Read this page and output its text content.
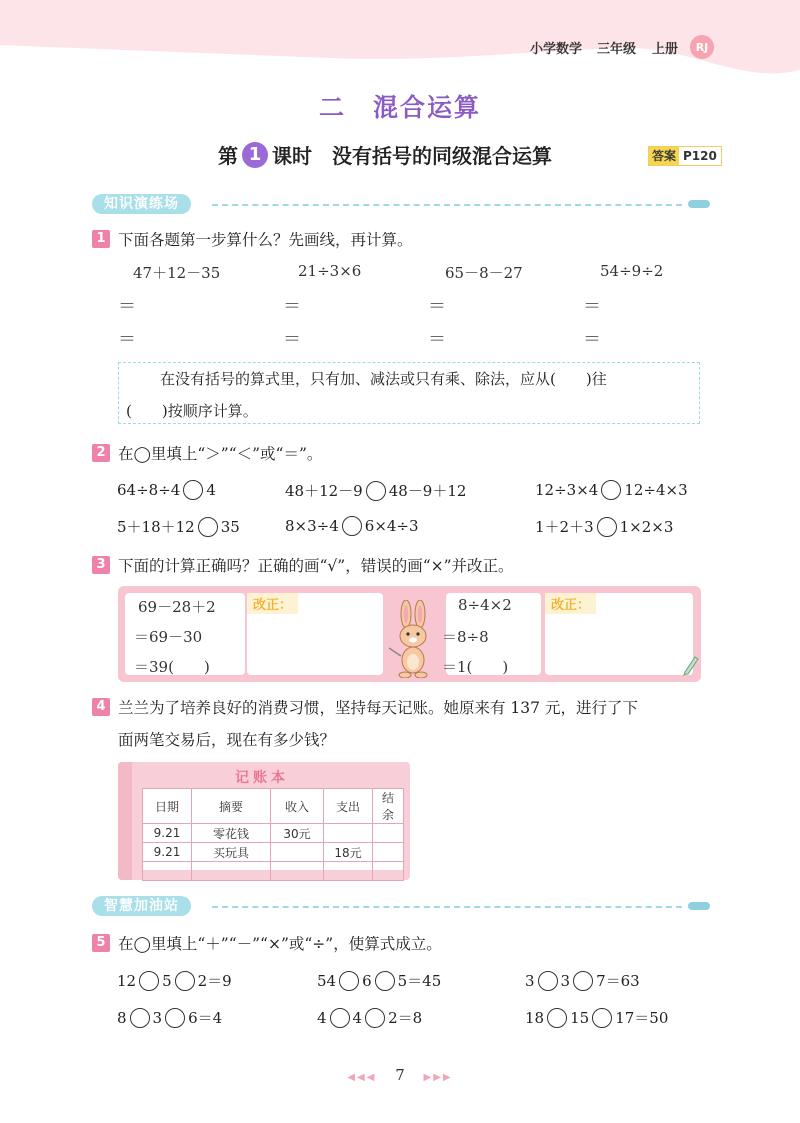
小学数学 三年级 上册	RJ
二　混合运算
第 1 课时　没有括号的同级混合运算	答案 P120
知识演练场
1 下面各题第一步算什么？先画线，再计算。
47＋12－35	21÷3×6	65－8－27	54÷9÷2
＝	＝	＝	＝
＝	＝	＝	＝
在没有括号的算式里，只有加、减法或只有乘、除法，应从(　　)往
(　　)按顺序计算。
2 在◯里填上“＞”“＜”或“＝”。
64÷8÷4 4	48＋12－9 48－9＋12	12÷3×4 12÷4×3
5＋18＋12 35	8×3÷4 6×4÷3	1＋2＋3 1×2×3
3 下面的计算正确吗？正确的画“√”，错误的画“×”并改正。
69－28＋2
＝69－30
＝39(　　)
改正：	8÷4×2
＝8÷8
＝1(　　)
改正：
4 兰兰为了培养良好的消费习惯，坚持每天记账。她原来有 137 元，进行了下
面两笔交易后，现在有多少钱？
记账本
日期	摘要	收入	支出	结余
9.21	零花钱	30元		
9.21	买玩具		18元	

智慧加油站
5 在◯里填上“＋”“－”“×”或“÷”，使算式成立。
12 5 2＝9	54 6 5＝45	3 3 7＝63
8 3 6＝4	4 4 2＝8	18 15 17＝50
◀◀◀ 7 ▶▶▶
